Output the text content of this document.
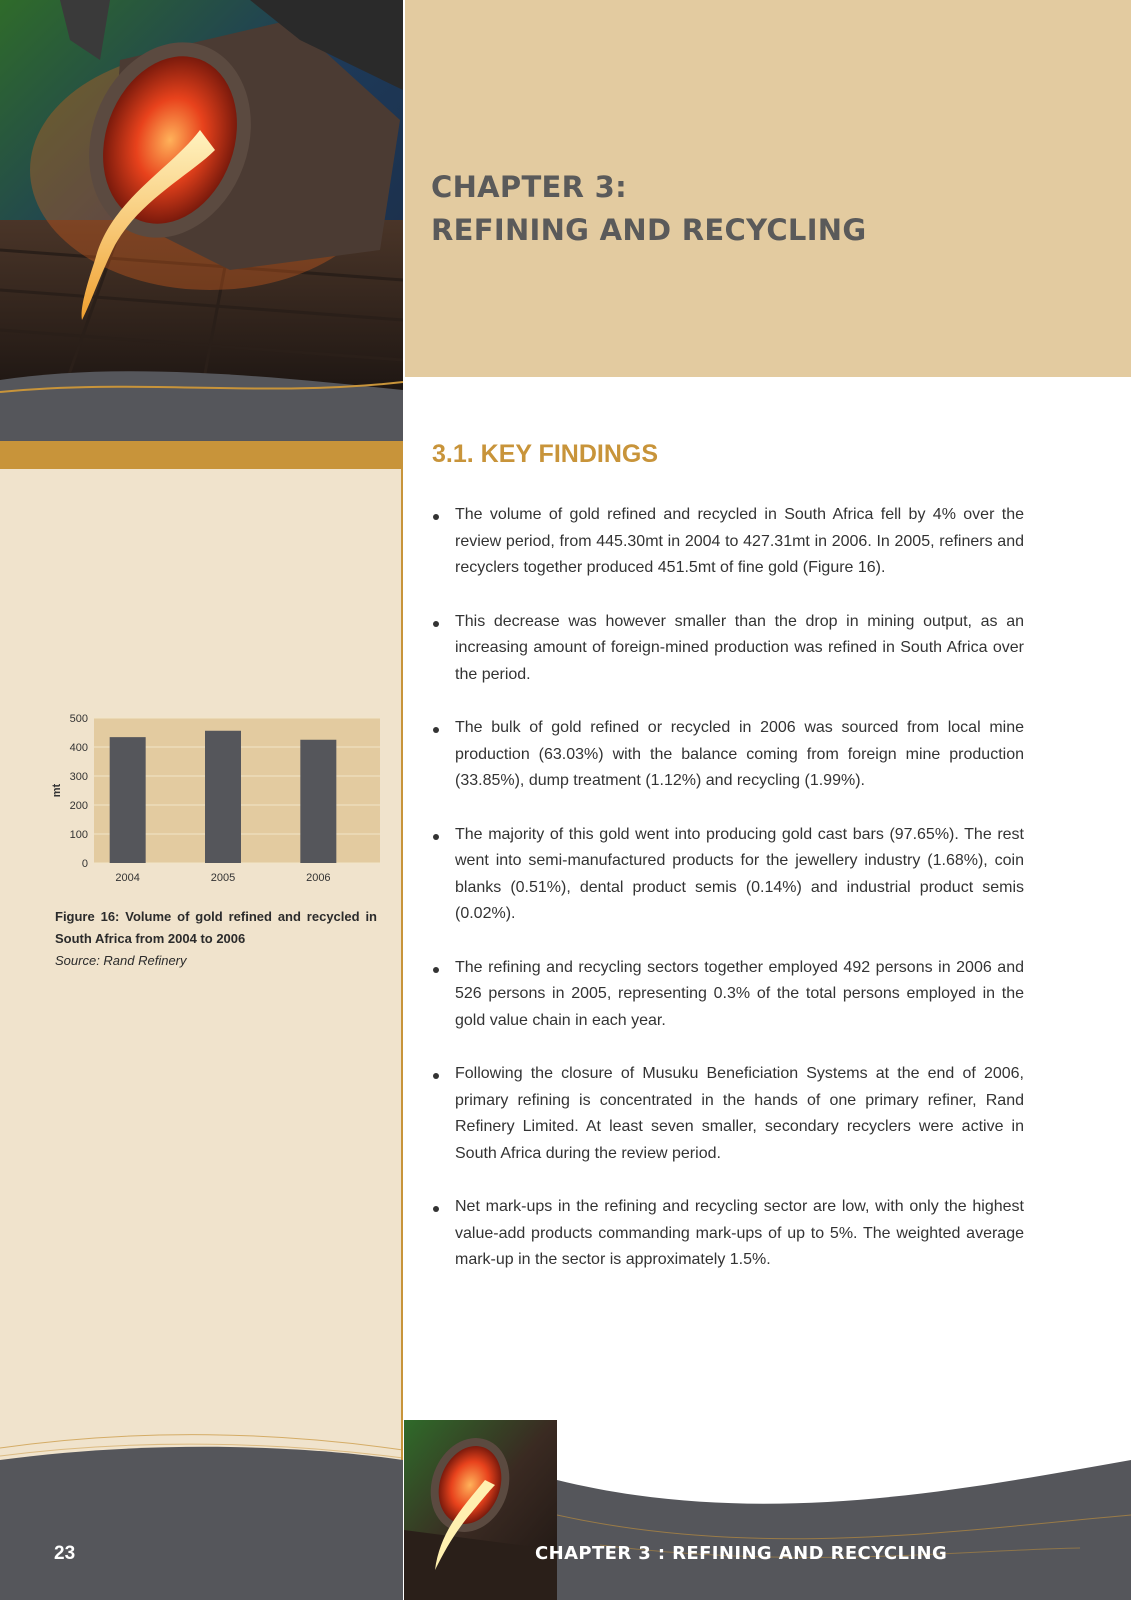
0
100
200
300
400
500
2004	2005	2006
mt
Figure 16: Volume of gold refined and recycled in South Africa from 2004 to 2006
Source: Rand Refinery
CHAPTER 3:
REFINING AND RECYCLING
3.1. KEY FINDINGS
The volume of gold refined and recycled in South Africa fell by 4% over the review period, from 445.30mt in 2004 to 427.31mt in 2006. In 2005, refiners and recyclers together produced 451.5mt of fine gold (Figure 16).
This decrease was however smaller than the drop in mining output, as an increasing amount of foreign-mined production was refined in South Africa over the period.
The bulk of gold refined or recycled in 2006 was sourced from local mine production (63.03%) with the balance coming from foreign mine production (33.85%), dump treatment (1.12%) and recycling (1.99%).
The majority of this gold went into producing gold cast bars (97.65%). The rest went into semi-manufactured products for the jewellery industry (1.68%), coin blanks (0.51%), dental product semis (0.14%) and industrial product semis (0.02%).
The refining and recycling sectors together employed 492 persons in 2006 and 526 persons in 2005, representing 0.3% of the total persons employed in the gold value chain in each year.
Following the closure of Musuku Beneficiation Systems at the end of 2006, primary refining is concentrated in the hands of one primary refiner, Rand Refinery Limited. At least seven smaller, secondary recyclers were active in South Africa during the review period.
Net mark-ups in the refining and recycling sector are low, with only the highest value-add products commanding mark-ups of up to 5%. The weighted average mark-up in the sector is approximately 1.5%.
23	CHAPTER 3 : REFINING AND RECYCLING
